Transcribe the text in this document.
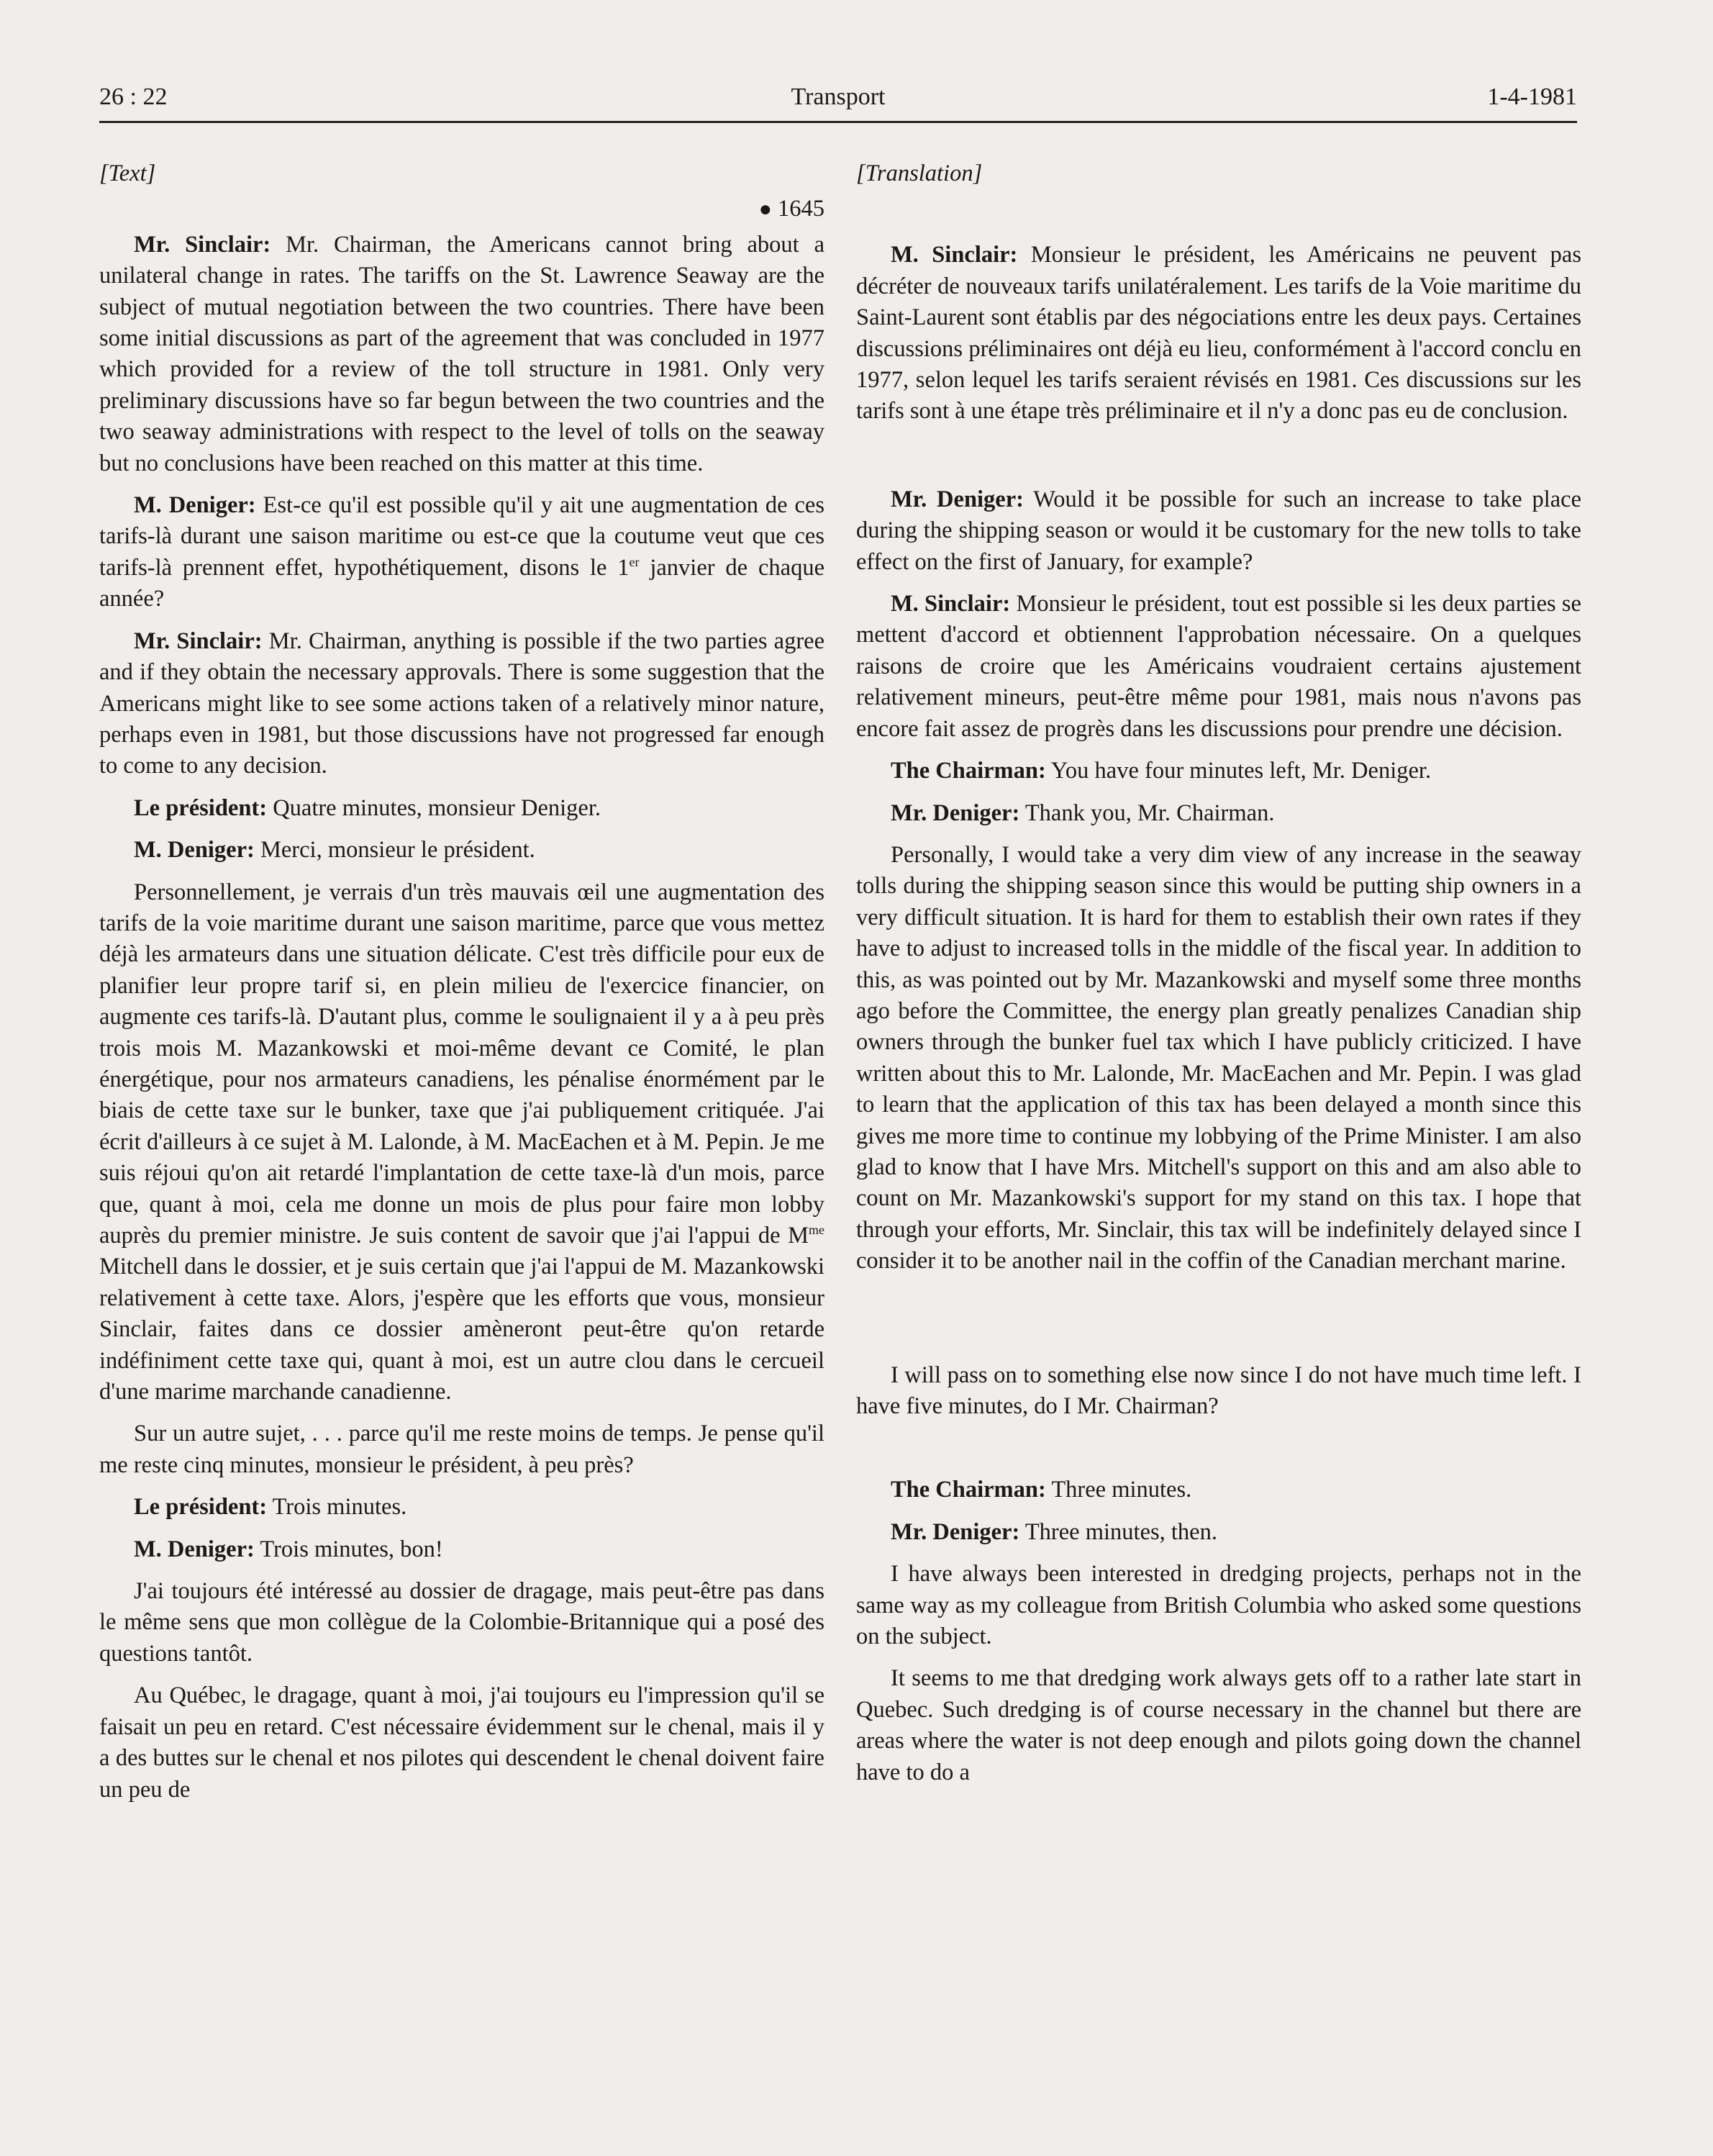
26 : 22	Transport	1-4-1981

[Text]

● 1645

Mr. Sinclair: Mr. Chairman, the Americans cannot bring about a unilateral change in rates. The tariffs on the St. Lawrence Seaway are the subject of mutual negotiation between the two countries. There have been some initial discussions as part of the agreement that was concluded in 1977 which provided for a review of the toll structure in 1981. Only very preliminary discussions have so far begun between the two countries and the two seaway administrations with respect to the level of tolls on the seaway but no conclusions have been reached on this matter at this time.

M. Deniger: Est-ce qu'il est possible qu'il y ait une augmentation de ces tarifs-là durant une saison maritime ou est-ce que la coutume veut que ces tarifs-là prennent effet, hypothétiquement, disons le 1er janvier de chaque année?

Mr. Sinclair: Mr. Chairman, anything is possible if the two parties agree and if they obtain the necessary approvals. There is some suggestion that the Americans might like to see some actions taken of a relatively minor nature, perhaps even in 1981, but those discussions have not progressed far enough to come to any decision.

Le président: Quatre minutes, monsieur Deniger.

M. Deniger: Merci, monsieur le président.

Personnellement, je verrais d'un très mauvais œil une augmentation des tarifs de la voie maritime durant une saison maritime, parce que vous mettez déjà les armateurs dans une situation délicate. C'est très difficile pour eux de planifier leur propre tarif si, en plein milieu de l'exercice financier, on augmente ces tarifs-là. D'autant plus, comme le soulignaient il y a à peu près trois mois M. Mazankowski et moi-même devant ce Comité, le plan énergétique, pour nos armateurs canadiens, les pénalise énormément par le biais de cette taxe sur le bunker, taxe que j'ai publiquement critiquée. J'ai écrit d'ailleurs à ce sujet à M. Lalonde, à M. MacEachen et à M. Pepin. Je me suis réjoui qu'on ait retardé l'implantation de cette taxe-là d'un mois, parce que, quant à moi, cela me donne un mois de plus pour faire mon lobby auprès du premier ministre. Je suis content de savoir que j'ai l'appui de $M^{me}$ Mitchell dans le dossier, et je suis certain que j'ai l'appui de M. Mazankowski relativement à cette taxe. Alors, j'espère que les efforts que vous, monsieur Sinclair, faites dans ce dossier amèneront peut-être qu'on retarde indéfiniment cette taxe qui, quant à moi, est un autre clou dans le cercueil d'une marime marchande canadienne.

Sur un autre sujet, . . . parce qu'il me reste moins de temps. Je pense qu'il me reste cinq minutes, monsieur le président, à peu près?

Le président: Trois minutes.

M. Deniger: Trois minutes, bon!

J'ai toujours été intéressé au dossier de dragage, mais peut-être pas dans le même sens que mon collègue de la Colombie-Britannique qui a posé des questions tantôt.

Au Québec, le dragage, quant à moi, j'ai toujours eu l'impression qu'il se faisait un peu en retard. C'est nécessaire évidemment sur le chenal, mais il y a des buttes sur le chenal et nos pilotes qui descendent le chenal doivent faire un peu de

[Translation]

M. Sinclair: Monsieur le président, les Américains ne peuvent pas décréter de nouveaux tarifs unilatéralement. Les tarifs de la Voie maritime du Saint-Laurent sont établis par des négociations entre les deux pays. Certaines discussions préliminaires ont déjà eu lieu, conformément à l'accord conclu en 1977, selon lequel les tarifs seraient révisés en 1981. Ces discussions sur les tarifs sont à une étape très préliminaire et il n'y a donc pas eu de conclusion.

Mr. Deniger: Would it be possible for such an increase to take place during the shipping season or would it be customary for the new tolls to take effect on the first of January, for example?

M. Sinclair: Monsieur le président, tout est possible si les deux parties se mettent d'accord et obtiennent l'approbation nécessaire. On a quelques raisons de croire que les Américains voudraient certains ajustement relativement mineurs, peut-être même pour 1981, mais nous n'avons pas encore fait assez de progrès dans les discussions pour prendre une décision.

The Chairman: You have four minutes left, Mr. Deniger.

Mr. Deniger: Thank you, Mr. Chairman.

Personally, I would take a very dim view of any increase in the seaway tolls during the shipping season since this would be putting ship owners in a very difficult situation. It is hard for them to establish their own rates if they have to adjust to increased tolls in the middle of the fiscal year. In addition to this, as was pointed out by Mr. Mazankowski and myself some three months ago before the Committee, the energy plan greatly penalizes Canadian ship owners through the bunker fuel tax which I have publicly criticized. I have written about this to Mr. Lalonde, Mr. MacEachen and Mr. Pepin. I was glad to learn that the application of this tax has been delayed a month since this gives me more time to continue my lobbying of the Prime Minister. I am also glad to know that I have Mrs. Mitchell's support on this and am also able to count on Mr. Mazankowski's support for my stand on this tax. I hope that through your efforts, Mr. Sinclair, this tax will be indefinitely delayed since I consider it to be another nail in the coffin of the Canadian merchant marine.

I will pass on to something else now since I do not have much time left. I have five minutes, do I Mr. Chairman?

The Chairman: Three minutes.

Mr. Deniger: Three minutes, then.

I have always been interested in dredging projects, perhaps not in the same way as my colleague from British Columbia who asked some questions on the subject.

It seems to me that dredging work always gets off to a rather late start in Quebec. Such dredging is of course necessary in the channel but there are areas where the water is not deep enough and pilots going down the channel have to do a
